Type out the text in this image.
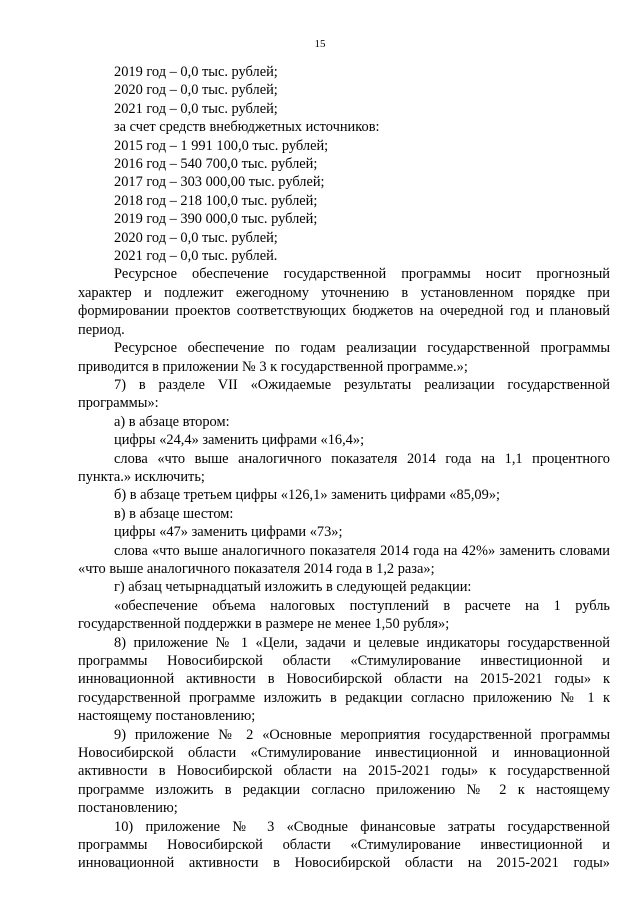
15

2019 год – 0,0 тыс. рублей;

2020 год – 0,0 тыс. рублей;

2021 год – 0,0 тыс. рублей;

за счет средств внебюджетных источников:

2015 год – 1 991 100,0 тыс. рублей;

2016 год – 540 700,0 тыс. рублей;

2017 год – 303 000,00 тыс. рублей;

2018 год – 218 100,0 тыс. рублей;

2019 год – 390 000,0 тыс. рублей;

2020 год – 0,0 тыс. рублей;

2021 год – 0,0 тыс. рублей.

Ресурсное обеспечение государственной программы носит прогнозный характер и подлежит ежегодному уточнению в установленном порядке при формировании проектов соответствующих бюджетов на очередной год и плановый период.

Ресурсное обеспечение по годам реализации государственной программы приводится в приложении № 3 к государственной программе.»;

7) в разделе VII «Ожидаемые результаты реализации государственной программы»:

а) в абзаце втором:

цифры «24,4» заменить цифрами «16,4»;

слова «что выше аналогичного показателя 2014 года на 1,1 процентного пункта.» исключить;

б) в абзаце третьем цифры «126,1» заменить цифрами «85,09»;

в) в абзаце шестом:

цифры «47» заменить цифрами «73»;

слова «что выше аналогичного показателя 2014 года на 42%» заменить словами «что выше аналогичного показателя 2014 года в 1,2 раза»;

г) абзац четырнадцатый изложить в следующей редакции:

«обеспечение объема налоговых поступлений в расчете на 1 рубль государственной поддержки в размере не менее 1,50 рубля»;

8) приложение № 1 «Цели, задачи и целевые индикаторы государственной программы Новосибирской области «Стимулирование инвестиционной и инновационной активности в Новосибирской области на 2015-2021 годы» к государственной программе изложить в редакции согласно приложению № 1 к настоящему постановлению;

9) приложение № 2 «Основные мероприятия государственной программы Новосибирской области «Стимулирование инвестиционной и инновационной активности в Новосибирской области на 2015-2021 годы» к государственной программе изложить в редакции согласно приложению № 2 к настоящему постановлению;

10) приложение № 3 «Сводные финансовые затраты государственной программы Новосибирской области «Стимулирование инвестиционной и инновационной активности в Новосибирской области на 2015-2021 годы»
